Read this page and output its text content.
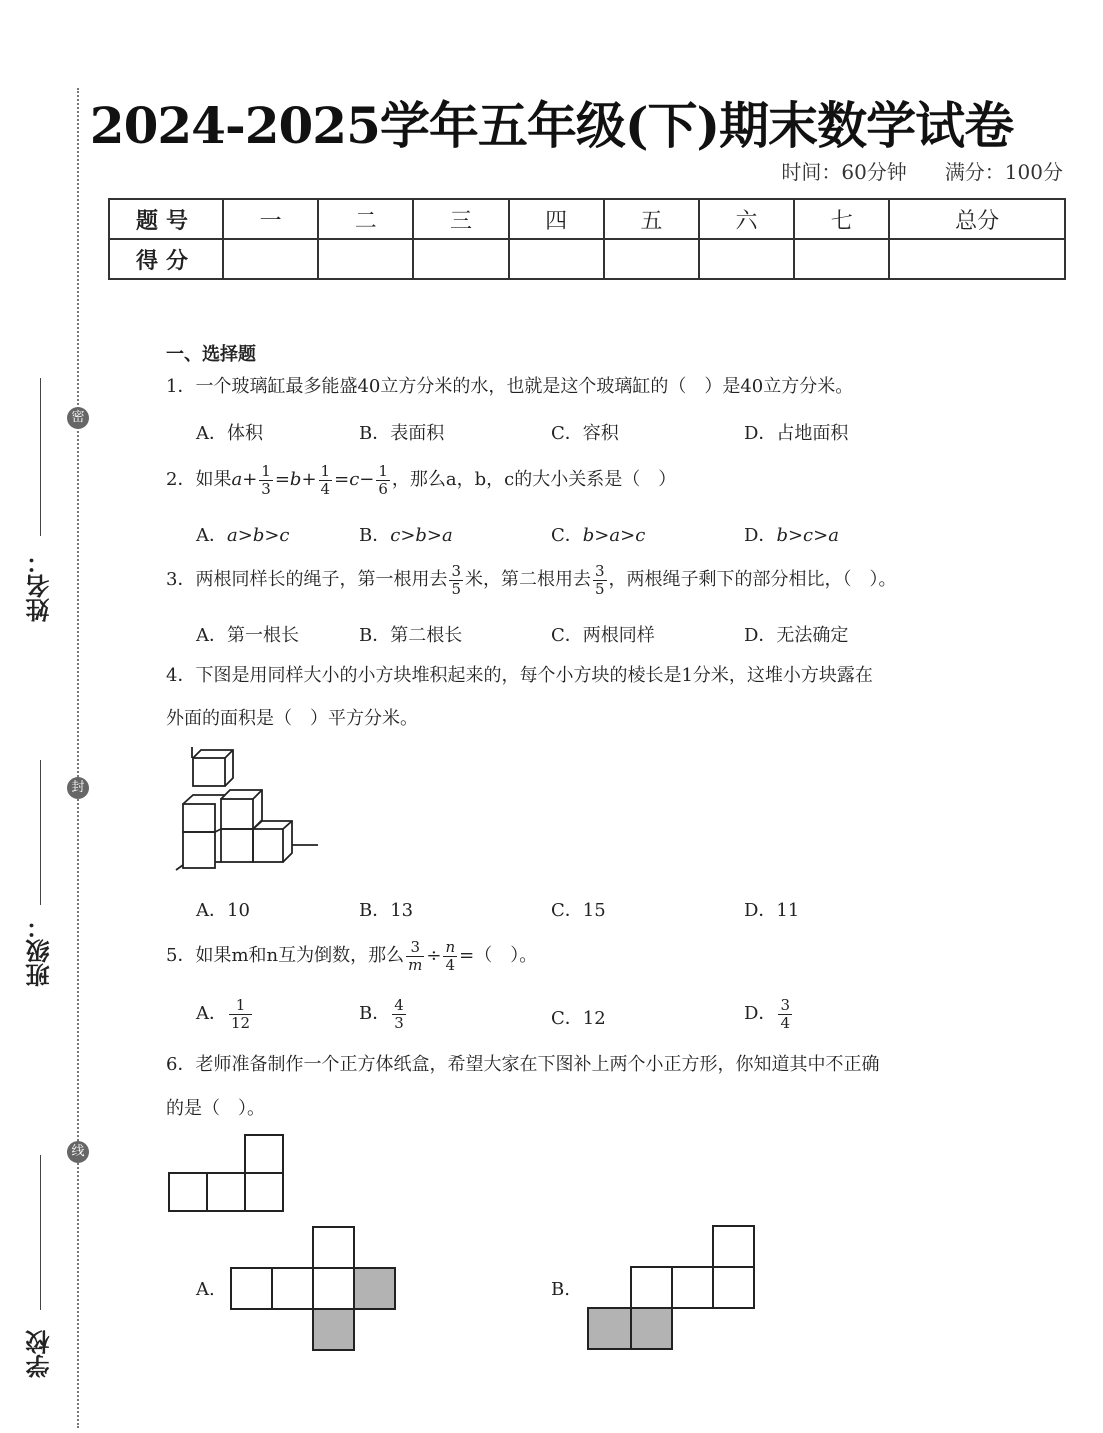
密
封
线
姓名：
班级：
学校
2024-2025学年五年级(下)期末数学试卷
时间：60分钟 满分：100分
题号	一	二	三	四	五	六	七	总分
得分								
一、选择题
1．一个玻璃缸最多能盛40立方分米的水，也就是这个玻璃缸的（　）是40立方分米。
A．体积	B．表面积	C．容积	D．占地面积
2．如果$a+ \frac{1}{3} =b+ \frac{1}{4} =c- \frac{1}{6}$ ，那么a，b，c的大小关系是（　）
A．a>b>c	B．c>b>a	C．b>a>c	D．b>c>a
3．两根同样长的绳子，第一根用去 $\frac{3}{5}$ 米，第二根用去 $\frac{3}{5}$ ，两根绳子剩下的部分相比，（　）。
A．第一根长	B．第二根长	C．两根同样	D．无法确定
4．下图是用同样大小的小方块堆积起来的，每个小方块的棱长是1分米，这堆小方块露在
外面的面积是（　）平方分米。
A．10	B．13	C．15	D．11
5．如果m和n互为倒数，那么 $\frac{3}{m} \div \frac{n}{4}$ =（　）。
A． $\frac{1}{12}$	B． $\frac{4}{3}$	C．12	D． $\frac{3}{4}$
6．老师准备制作一个正方体纸盒，希望大家在下图补上两个小正方形，你知道其中不正确
的是（　）。
A.	B.
